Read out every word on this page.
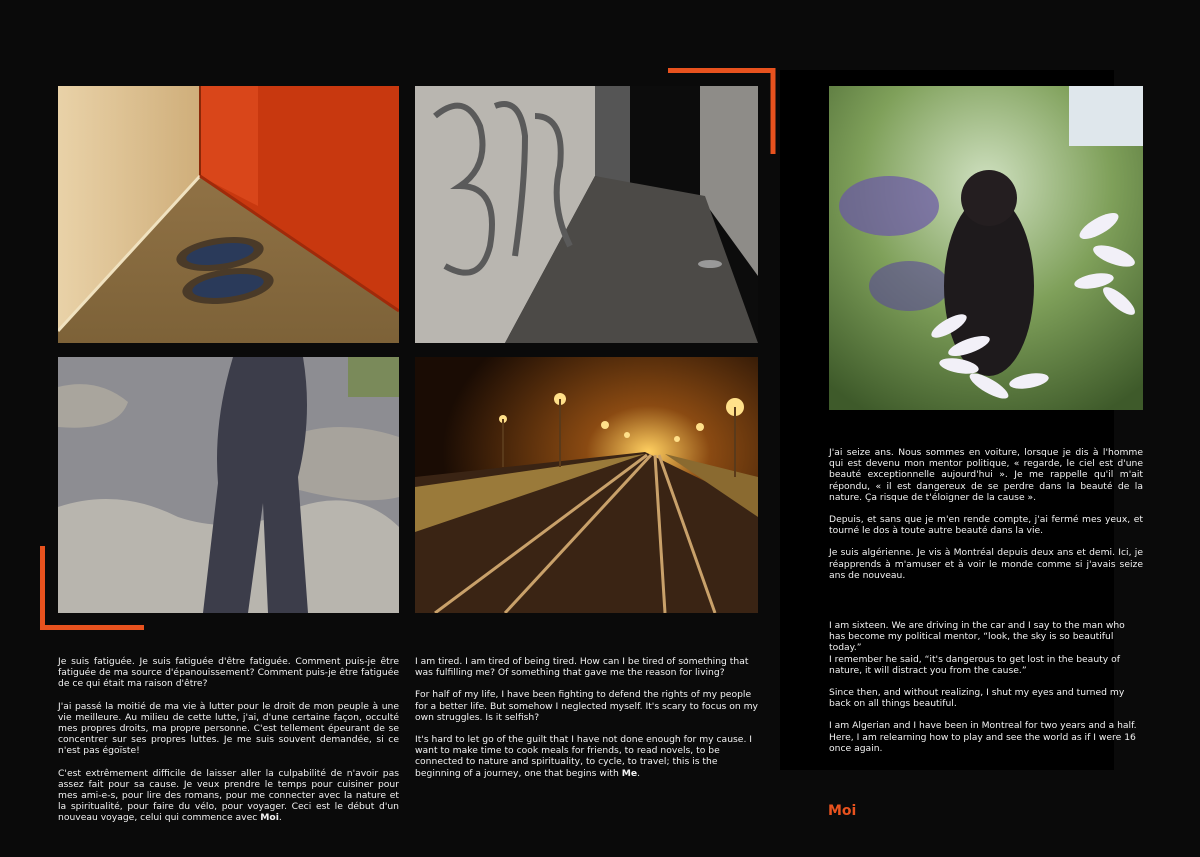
Je suis fatiguée. Je suis fatiguée d'être fatiguée. Comment puis-je être fatiguée de ma source d'épanouissement? Comment puis-je être fatiguée de ce qui était ma raison d'être?

J'ai passé la moitié de ma vie à lutter pour le droit de mon peuple à une vie meilleure. Au milieu de cette lutte, j'ai, d'une certaine façon, occulté mes propres droits, ma propre personne. C'est tellement épeurant de se concentrer sur ses propres luttes. Je me suis souvent demandée, si ce n'est pas égoïste!

C'est extrêmement difficile de laisser aller la culpabilité de n'avoir pas assez fait pour sa cause. Je veux prendre le temps pour cuisiner pour mes ami-e-s, pour lire des romans, pour me connecter avec la nature et la spiritualité, pour faire du vélo, pour voyager. Ceci est le début d'un nouveau voyage, celui qui commence avec Moi.

I am tired. I am tired of being tired. How can I be tired of something that was fulfilling me? Of something that gave me the reason for living?

For half of my life, I have been fighting to defend the rights of my people for a better life. But somehow I neglected myself. It's scary to focus on my own struggles. Is it selfish?

It's hard to let go of the guilt that I have not done enough for my cause. I want to make time to cook meals for friends, to read novels, to be connected to nature and spirituality, to cycle, to travel; this is the beginning of a journey, one that begins with Me.

J'ai seize ans. Nous sommes en voiture, lorsque je dis à l'homme qui est devenu mon mentor politique, « regarde, le ciel est d'une beauté exceptionnelle aujourd'hui ». Je me rappelle qu'il m'ait répondu, « il est dangereux de se perdre dans la beauté de la nature. Ça risque de t'éloigner de la cause ».

Depuis, et sans que je m'en rende compte, j'ai fermé mes yeux, et tourné le dos à toute autre beauté dans la vie.

Je suis algérienne. Je vis à Montréal depuis deux ans et demi. Ici, je réapprends à m'amuser et à voir le monde comme si j'avais seize ans de nouveau.

I am sixteen. We are driving in the car and I say to the man who has become my political mentor, “look, the sky is so beautiful today.”
I remember he said, “it's dangerous to get lost in the beauty of nature, it will distract you from the cause.”

Since then, and without realizing, I shut my eyes and turned my back on all things beautiful.

I am Algerian and I have been in Montreal for two years and a half. Here, I am relearning how to play and see the world as if I were 16 once again.

Moi
